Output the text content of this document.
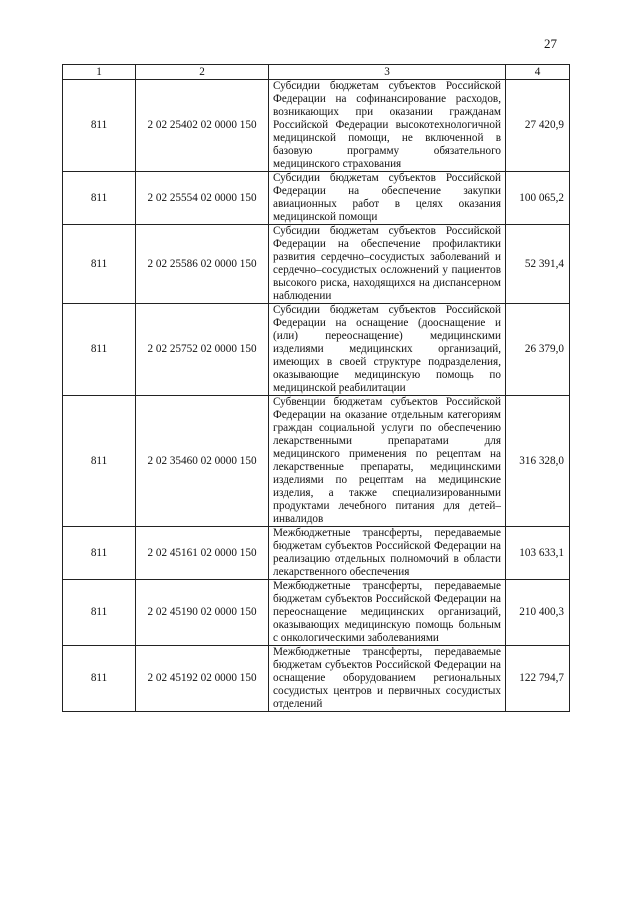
27
1	2	3	4
811	2 02 25402 02 0000 150	Субсидии бюджетам субъектов Российской Федерации на софинансирование расходов, возникающих при оказании гражданам Российской Федерации высокотехнологичной медицинской помощи, не включенной в базовую программу обязательного медицинского страхования	27 420,9
811	2 02 25554 02 0000 150	Субсидии бюджетам субъектов Российской Федерации на обеспечение закупки авиационных работ в целях оказания медицинской помощи	100 065,2
811	2 02 25586 02 0000 150	Субсидии бюджетам субъектов Российской Федерации на обеспечение профилактики развития сердечно–сосудистых заболеваний и сердечно–сосудистых осложнений у пациентов высокого риска, находящихся на диспансерном наблюдении	52 391,4
811	2 02 25752 02 0000 150	Субсидии бюджетам субъектов Российской Федерации на оснащение (дооснащение и (или) переоснащение) медицинскими изделиями медицинских организаций, имеющих в своей структуре подразделения, оказывающие медицинскую помощь по медицинской реабилитации	26 379,0
811	2 02 35460 02 0000 150	Субвенции бюджетам субъектов Российской Федерации на оказание отдельным категориям граждан социальной услуги по обеспечению лекарственными препаратами для медицинского применения по рецептам на лекарственные препараты, медицинскими изделиями по рецептам на медицинские изделия, а также специализированными продуктами лечебного питания для детей–инвалидов	316 328,0
811	2 02 45161 02 0000 150	Межбюджетные трансферты, передаваемые бюджетам субъектов Российской Федерации на реализацию отдельных полномочий в области лекарственного обеспечения	103 633,1
811	2 02 45190 02 0000 150	Межбюджетные трансферты, передаваемые бюджетам субъектов Российской Федерации на переоснащение медицинских организаций, оказывающих медицинскую помощь больным с онкологическими заболеваниями	210 400,3
811	2 02 45192 02 0000 150	Межбюджетные трансферты, передаваемые бюджетам субъектов Российской Федерации на оснащение оборудованием региональных сосудистых центров и первичных сосудистых отделений	122 794,7
